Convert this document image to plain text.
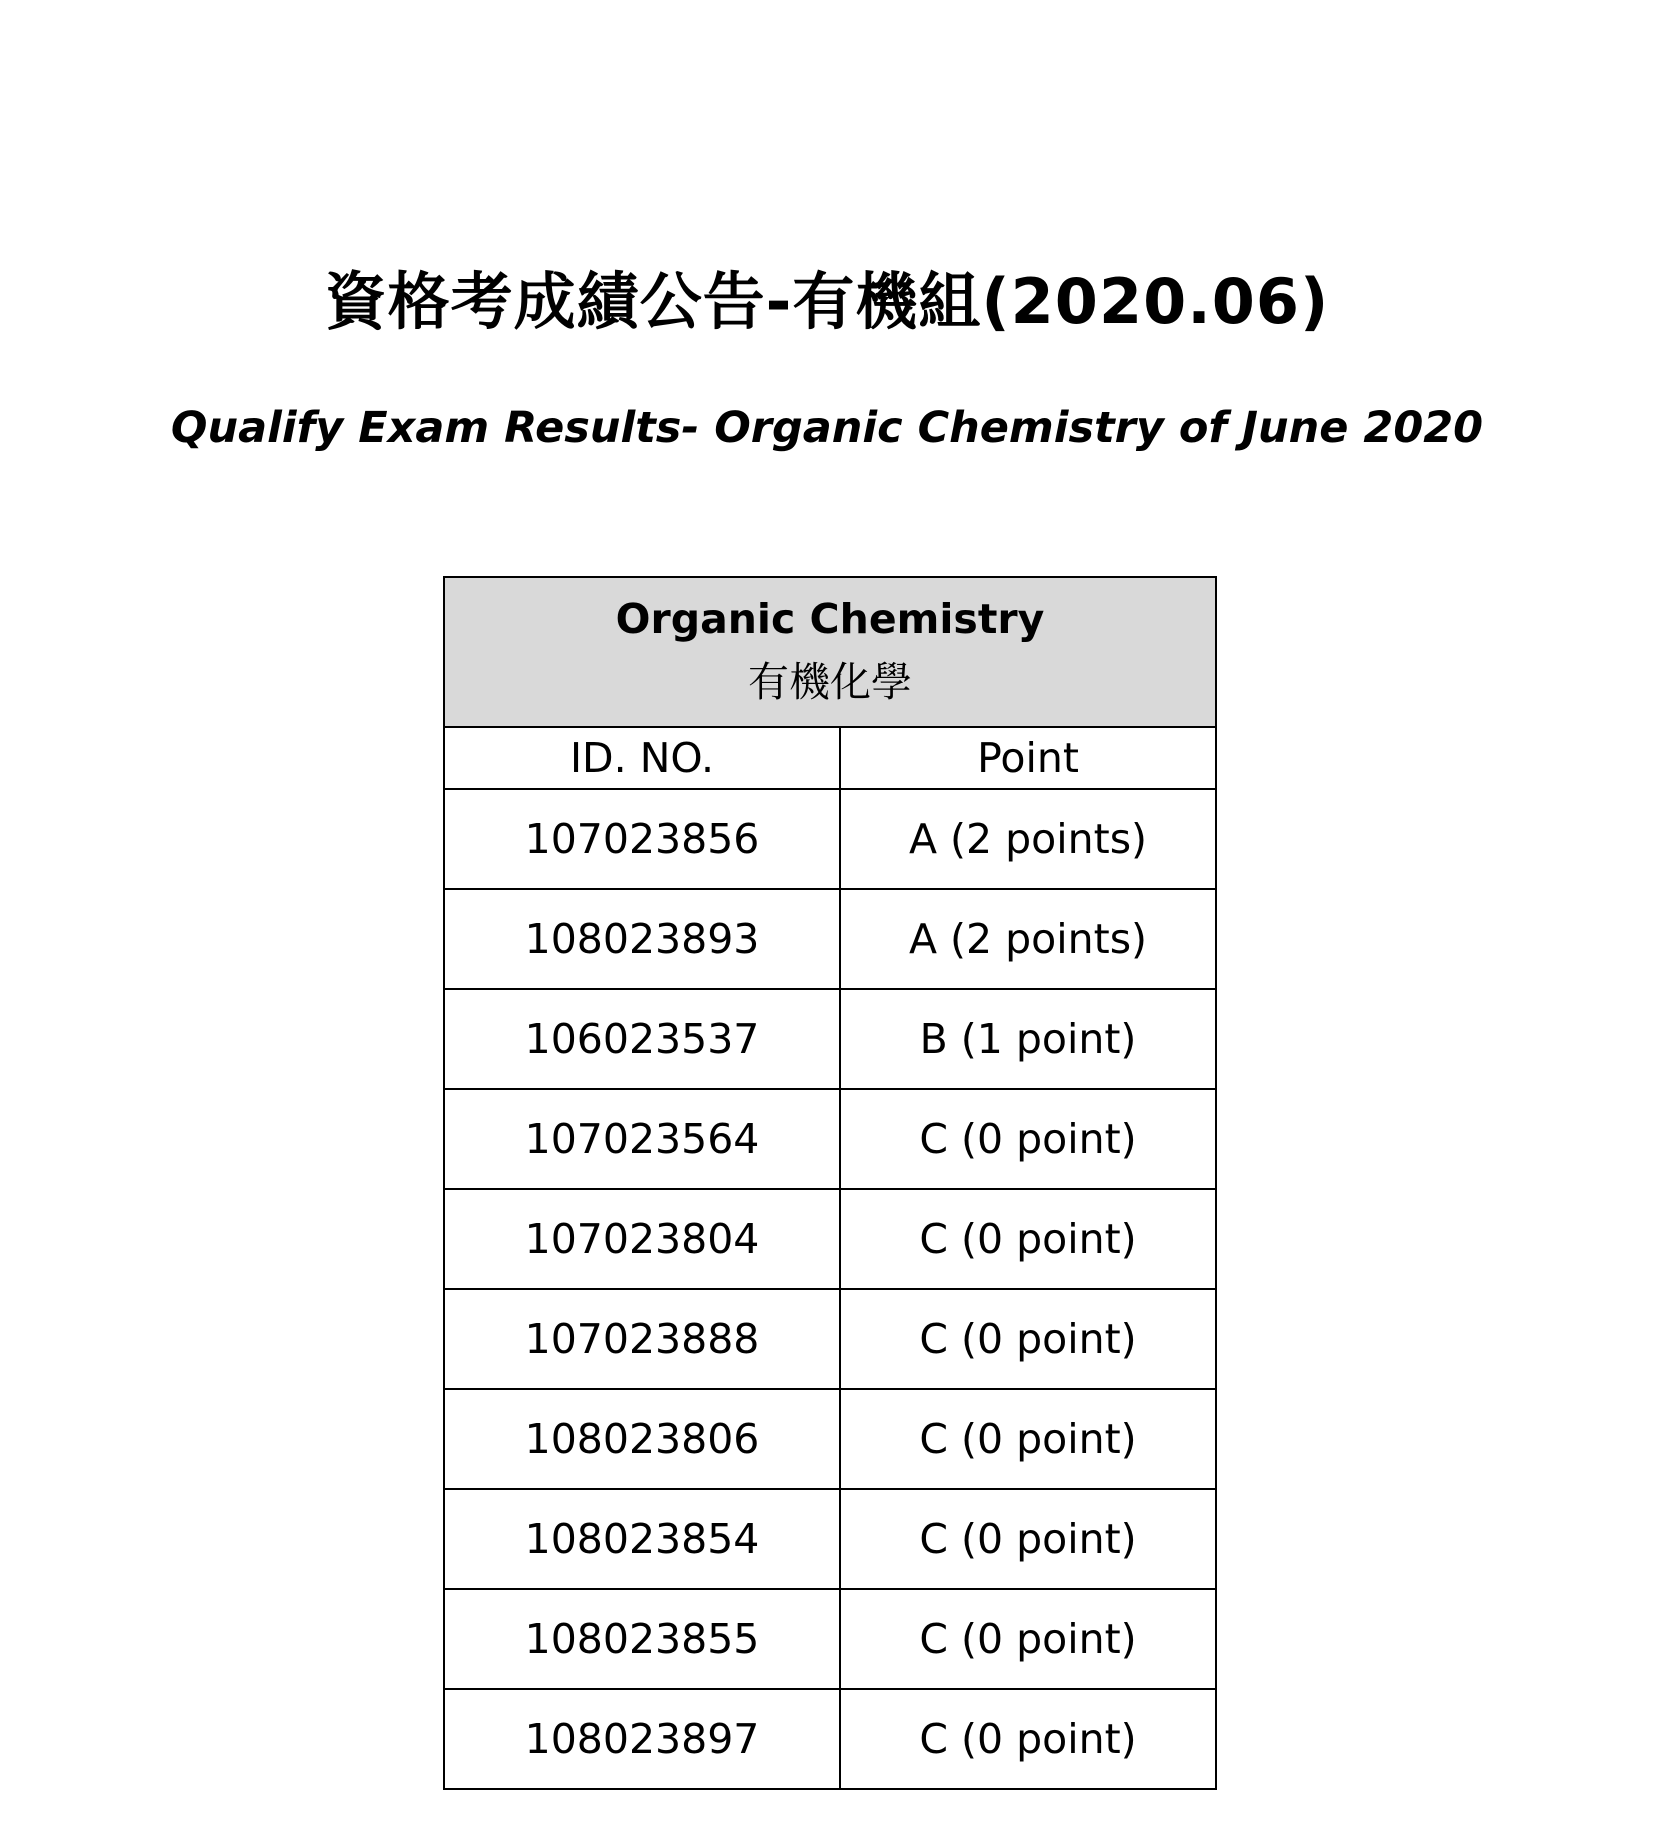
資格考成績公告-有機組(2020.06)
Qualify Exam Results- Organic Chemistry of June 2020
Organic Chemistry
有機化學	

ID. NO.	Point
107023856	A (2 points)
108023893	A (2 points)
106023537	B (1 point)
107023564	C (0 point)
107023804	C (0 point)
107023888	C (0 point)
108023806	C (0 point)
108023854	C (0 point)
108023855	C (0 point)
108023897	C (0 point)
